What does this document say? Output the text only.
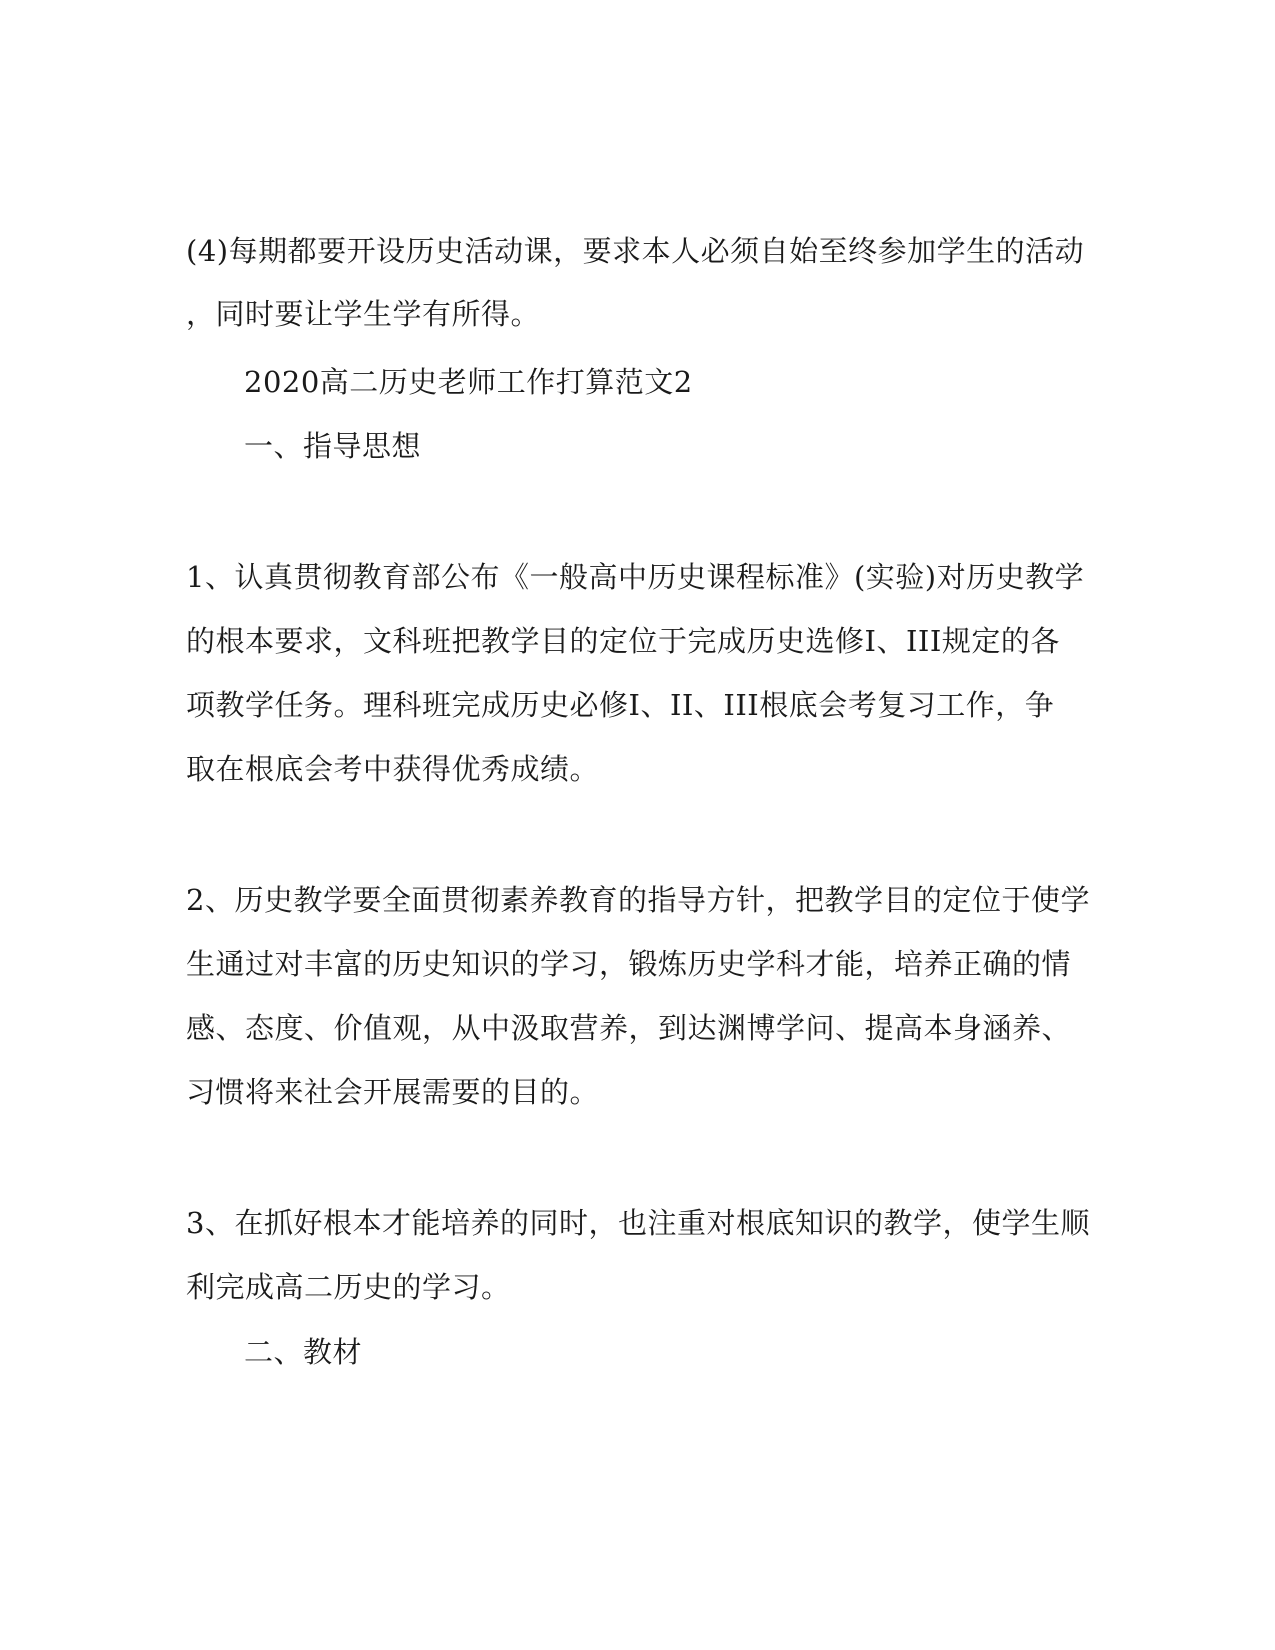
(4)每期都要开设历史活动课，要求本人必须自始至终参加学生的活动
，同时要让学生学有所得。
2020高二历史老师工作打算范文2
一、指导思想
1、认真贯彻教育部公布《一般高中历史课程标准》(实验)对历史教学
的根本要求，文科班把教学目的定位于完成历史选修I、III规定的各
项教学任务。理科班完成历史必修I、II、III根底会考复习工作，争
取在根底会考中获得优秀成绩。
2、历史教学要全面贯彻素养教育的指导方针，把教学目的定位于使学
生通过对丰富的历史知识的学习，锻炼历史学科才能，培养正确的情
感、态度、价值观，从中汲取营养，到达渊博学问、提高本身涵养、
习惯将来社会开展需要的目的。
3、在抓好根本才能培养的同时，也注重对根底知识的教学，使学生顺
利完成高二历史的学习。
二、教材
